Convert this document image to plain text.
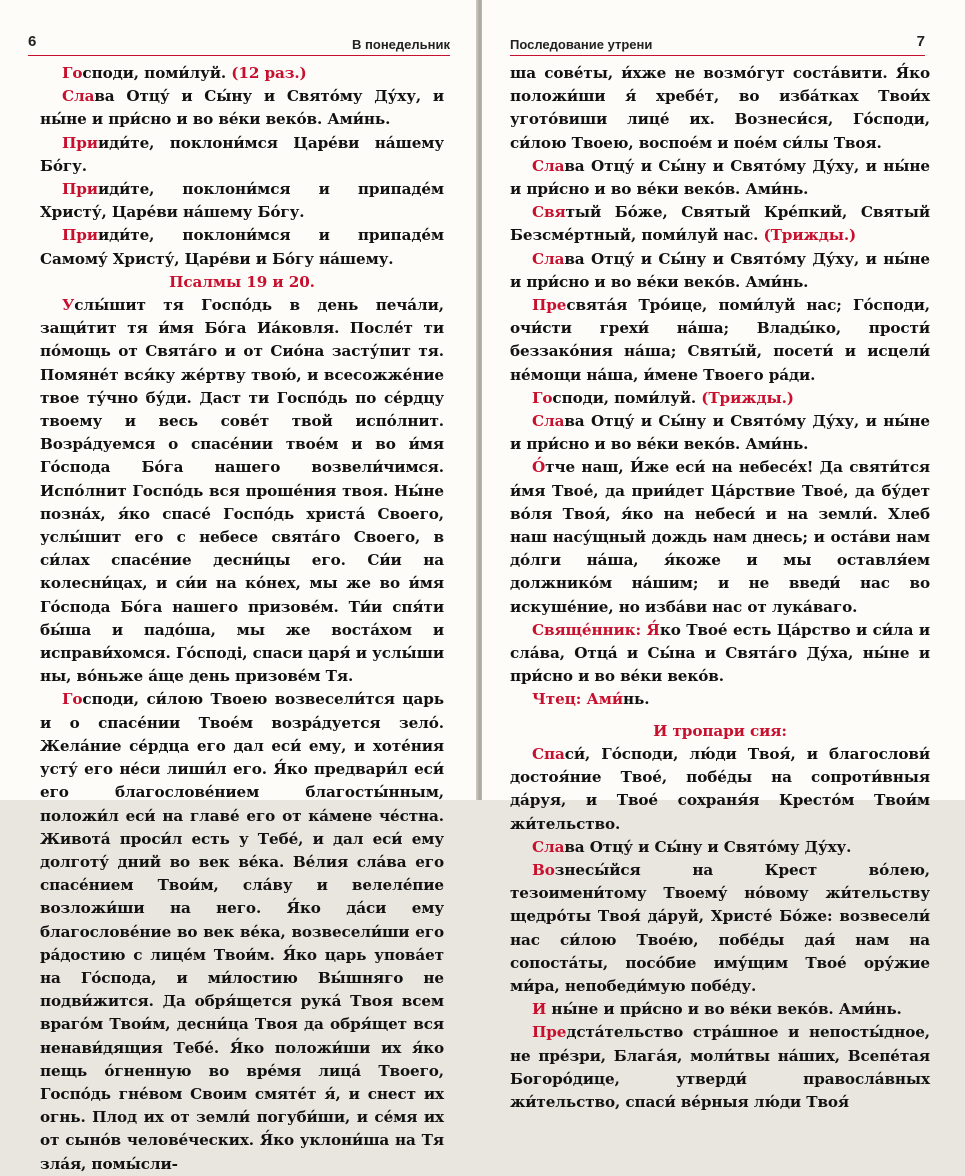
6	В понедельник

Господи, поми́луй. (12 раз.)

Слава Отцу́ и Сы́ну и Свято́му Ду́ху, и ны́не и при́сно и во ве́ки веко́в. Ами́нь.

Прииди́те, поклони́мся Царе́ви на́шему Бо́гу.

Прииди́те, поклони́мся и припаде́м Христу́, Царе́ви на́шему Бо́гу.

Прииди́те, поклони́мся и припаде́м Самому́ Христу́, Царе́ви и Бо́гу на́шему.

Псалмы 19 и 20.

Услы́шит тя Госпо́дь в день печа́ли, защи́тит тя и́мя Бо́га Иа́ковля. После́т ти по́мощь от Свята́го и от Сио́на засту́пит тя. Помяне́т вся́ку же́ртву твою́, и всесожже́ние твое ту́чно бу́ди. Даст ти Госпо́дь по се́рдцу твоему и весь сове́т твой испо́лнит. Возра́дуемся о спасе́нии твое́м и во и́мя Го́спода Бо́га нашего возвели́чимся. Испо́лнит Госпо́дь вся проше́ния твоя. Ны́не позна́х, я́ко спасе́ Госпо́дь христа́ Своего, услы́шит его с небесе свята́го Своего, в си́лах спасе́ние десни́цы его. Си́и на колесни́цах, и си́и на ко́нех, мы же во и́мя Го́спода Бо́га нашего призове́м. Ти́и спя́ти бы́ша и падо́ша, мы же воста́хом и исправи́хомся. Го́сподi, спаси царя́ и услы́ши ны, во́ньже а́ще день призове́м Тя.

Господи, си́лою Твоею возвесели́тся царь и о спасе́нии Твое́м возра́дуется зело́. Жела́ние се́рдца его дал еси́ ему, и хоте́ния усту́ его не́си лиши́л его. Я́ко предвари́л еси́ его благослове́нием благосты́нным, положи́л еси́ на главе́ его от ка́мене че́стна. Живота́ проси́л есть у Тебе́, и дал еси́ ему долготу́ дний во век ве́ка. Ве́лия сла́ва его спасе́нием Твои́м, сла́ву и велеле́пие возложи́ши на него. Я́ко да́си ему благослове́ние во век ве́ка, возвесели́ши его ра́достию с лице́м Твои́м. Я́ко царь упова́ет на Го́спода, и ми́лостию Вы́шняго не подви́жится. Да обря́щется рука́ Твоя всем враго́м Твои́м, десни́ца Твоя да обря́щет вся ненави́дящия Тебе́. Я́ко положи́ши их я́ко пещь о́гненную во вре́мя лица́ Твоего, Госпо́дь гне́вом Своим смяте́т я́, и снест их огнь. Плод их от земли́ погуби́ши, и се́мя их от сыно́в челове́ческих. Я́ко уклони́ша на Тя зла́я, помы́сли-

Последование утрени	7

ша сове́ты, и́хже не возмо́гут соста́вити. Я́ко положи́ши я́ хребе́т, во изба́тках Твои́х угото́виши лице́ их. Вознеси́ся, Го́споди, си́лою Твоею, воспое́м и пое́м си́лы Твоя.

Слава Отцу́ и Сы́ну и Свято́му Ду́ху, и ны́не и при́сно и во ве́ки веко́в. Ами́нь.

Святый Бо́же, Святый Кре́пкий, Святый Безсме́ртный, поми́луй нас. (Трижды.)

Слава Отцу́ и Сы́ну и Свято́му Ду́ху, и ны́не и при́сно и во ве́ки веко́в. Ами́нь.

Пресвята́я Тро́ице, поми́луй нас; Го́споди, очи́сти грехи́ на́ша; Влады́ко, прости́ беззако́ния на́ша; Святы́й, посети́ и исцели́ не́мощи на́ша, и́мене Твоего ра́ди.

Господи, поми́луй. (Трижды.)

Слава Отцу́ и Сы́ну и Свято́му Ду́ху, и ны́не и при́сно и во ве́ки веко́в. Ами́нь.

О́тче наш, И́же еси́ на небесе́х! Да святи́тся и́мя Твое́, да прии́дет Ца́рствие Твое́, да бу́дет во́ля Твоя́, я́ко на небеси́ и на земли́. Хлеб наш насу́щный дождь нам днесь; и оста́ви нам до́лги на́ша, я́коже и мы оставля́ем должнико́м на́шим; и не введи́ нас во искуше́ние, но изба́ви нас от лука́ваго.

Свяще́нник: Я́ко Твое́ есть Ца́рство и си́ла и сла́ва, Отца́ и Сы́на и Свята́го Ду́ха, ны́не и при́сно и во ве́ки веко́в.

Чтец: Ами́нь.

И тропари сия:

Спаси́, Го́споди, лю́ди Твоя́, и благослови́ достоя́ние Твое́, побе́ды на сопроти́вныя да́руя, и Твое́ сохраня́я Кресто́м Твои́м жи́тельство.

Слава Отцу́ и Сы́ну и Свято́му Ду́ху.

Вознесы́йся на Крест во́лею, тезоимени́тому Твоему́ но́вому жи́тельству щедро́ты Твоя́ да́руй, Христе́ Бо́же: возвесели́ нас си́лою Твое́ю, побе́ды дая́ нам на сопоста́ты, посо́бие иму́щим Твое́ ору́жие ми́ра, непобеди́мую побе́ду.

И ны́не и при́сно и во ве́ки веко́в. Ами́нь.

Предста́тельство стра́шное и непосты́дное, не пре́зри, Блага́я, моли́твы на́ших, Всепе́тая Богоро́дице, утверди́ правосла́вных жи́тельство, спаси́ ве́рныя лю́ди Твоя́
